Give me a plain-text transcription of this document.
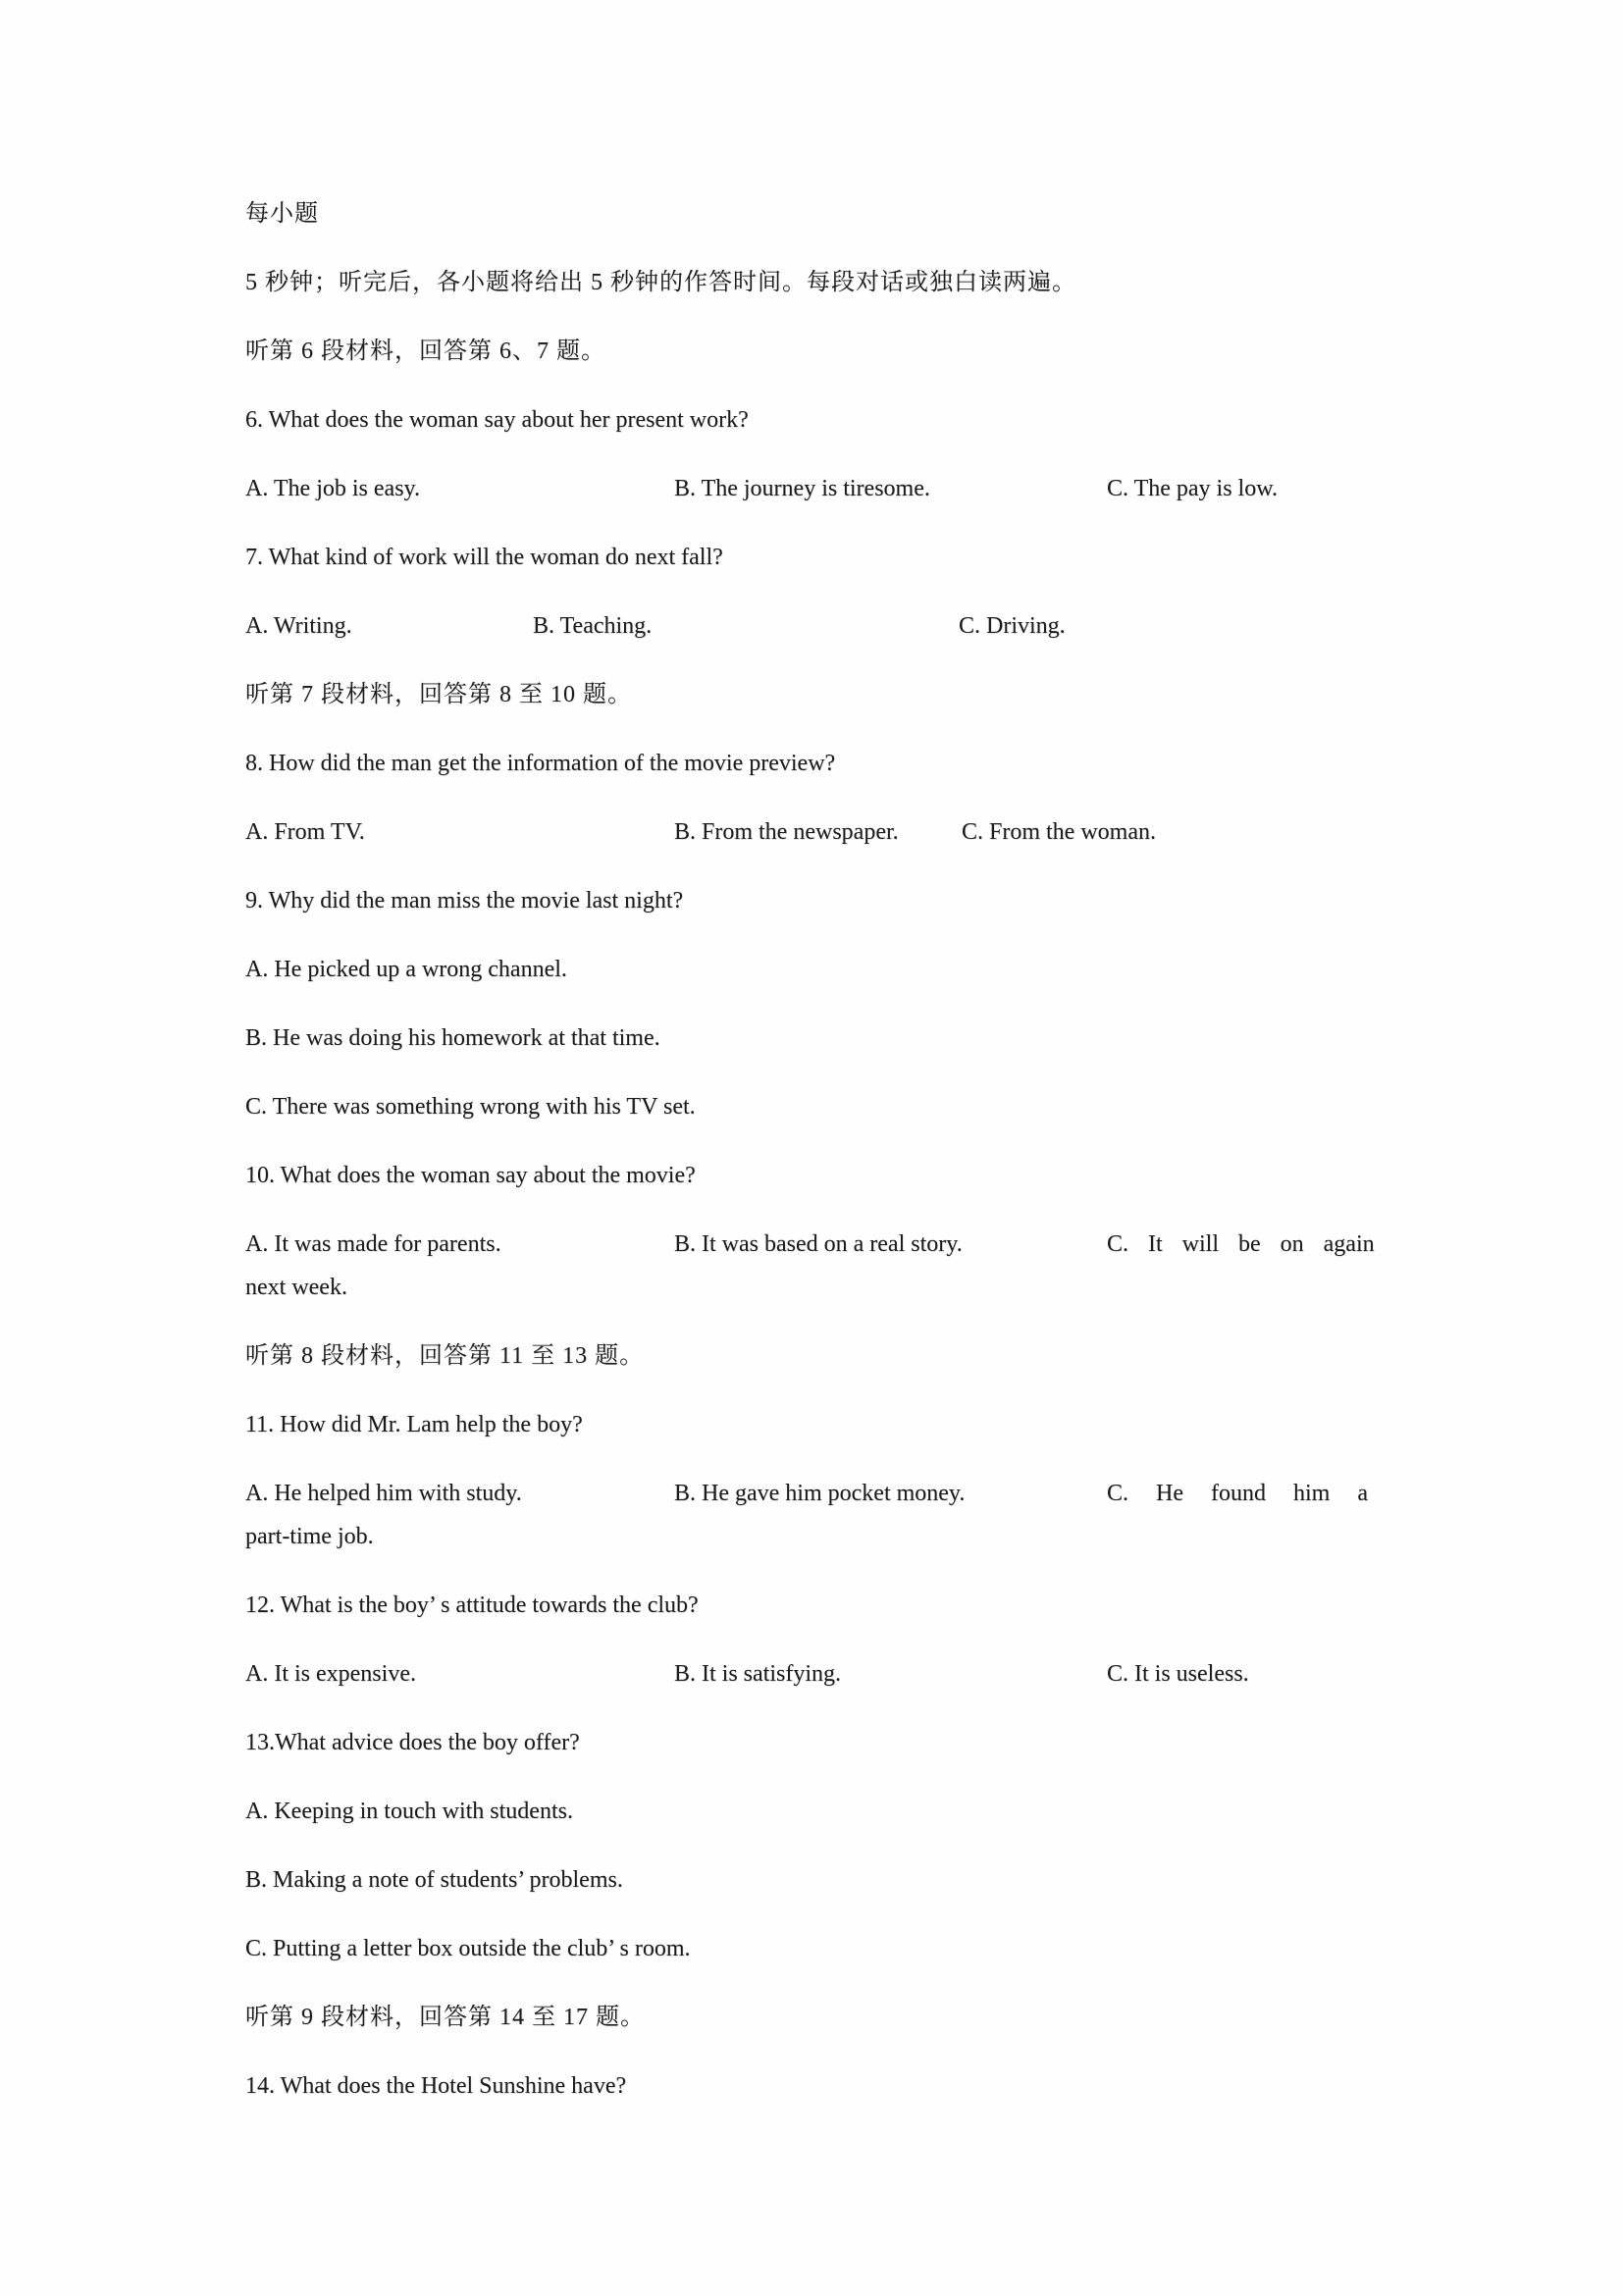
每小题

5 秒钟；听完后，各小题将给出 5 秒钟的作答时间。每段对话或独白读两遍。

听第 6 段材料，回答第 6、7 题。

6. What does the woman say about her present work?

A. The job is easy.	B. The journey is tiresome.	C. The pay is low.

7. What kind of work will the woman do next fall?

A. Writing.	B. Teaching.	C. Driving.

听第 7 段材料，回答第 8 至 10 题。

8. How did the man get the information of the movie preview?

A. From TV.	B. From the newspaper.	C. From the woman.

9. Why did the man miss the movie last night?

A. He picked up a wrong channel.

B. He was doing his homework at that time.

C. There was something wrong with his TV set.

10. What does the woman say about the movie?

A. It was made for parents.	B. It was based on a real story.	C. It will be on again
next week.

听第 8 段材料，回答第 11 至 13 题。

11. How did Mr. Lam help the boy?

A. He helped him with study.	B. He gave him pocket money.	C. He found him a
part-time job.

12. What is the boy’ s attitude towards the club?

A. It is expensive.	B. It is satisfying.	C. It is useless.

13.What advice does the boy offer?

A. Keeping in touch with students.

B. Making a note of students’ problems.

C. Putting a letter box outside the club’ s room.

听第 9 段材料，回答第 14 至 17 题。

14. What does the Hotel Sunshine have?
